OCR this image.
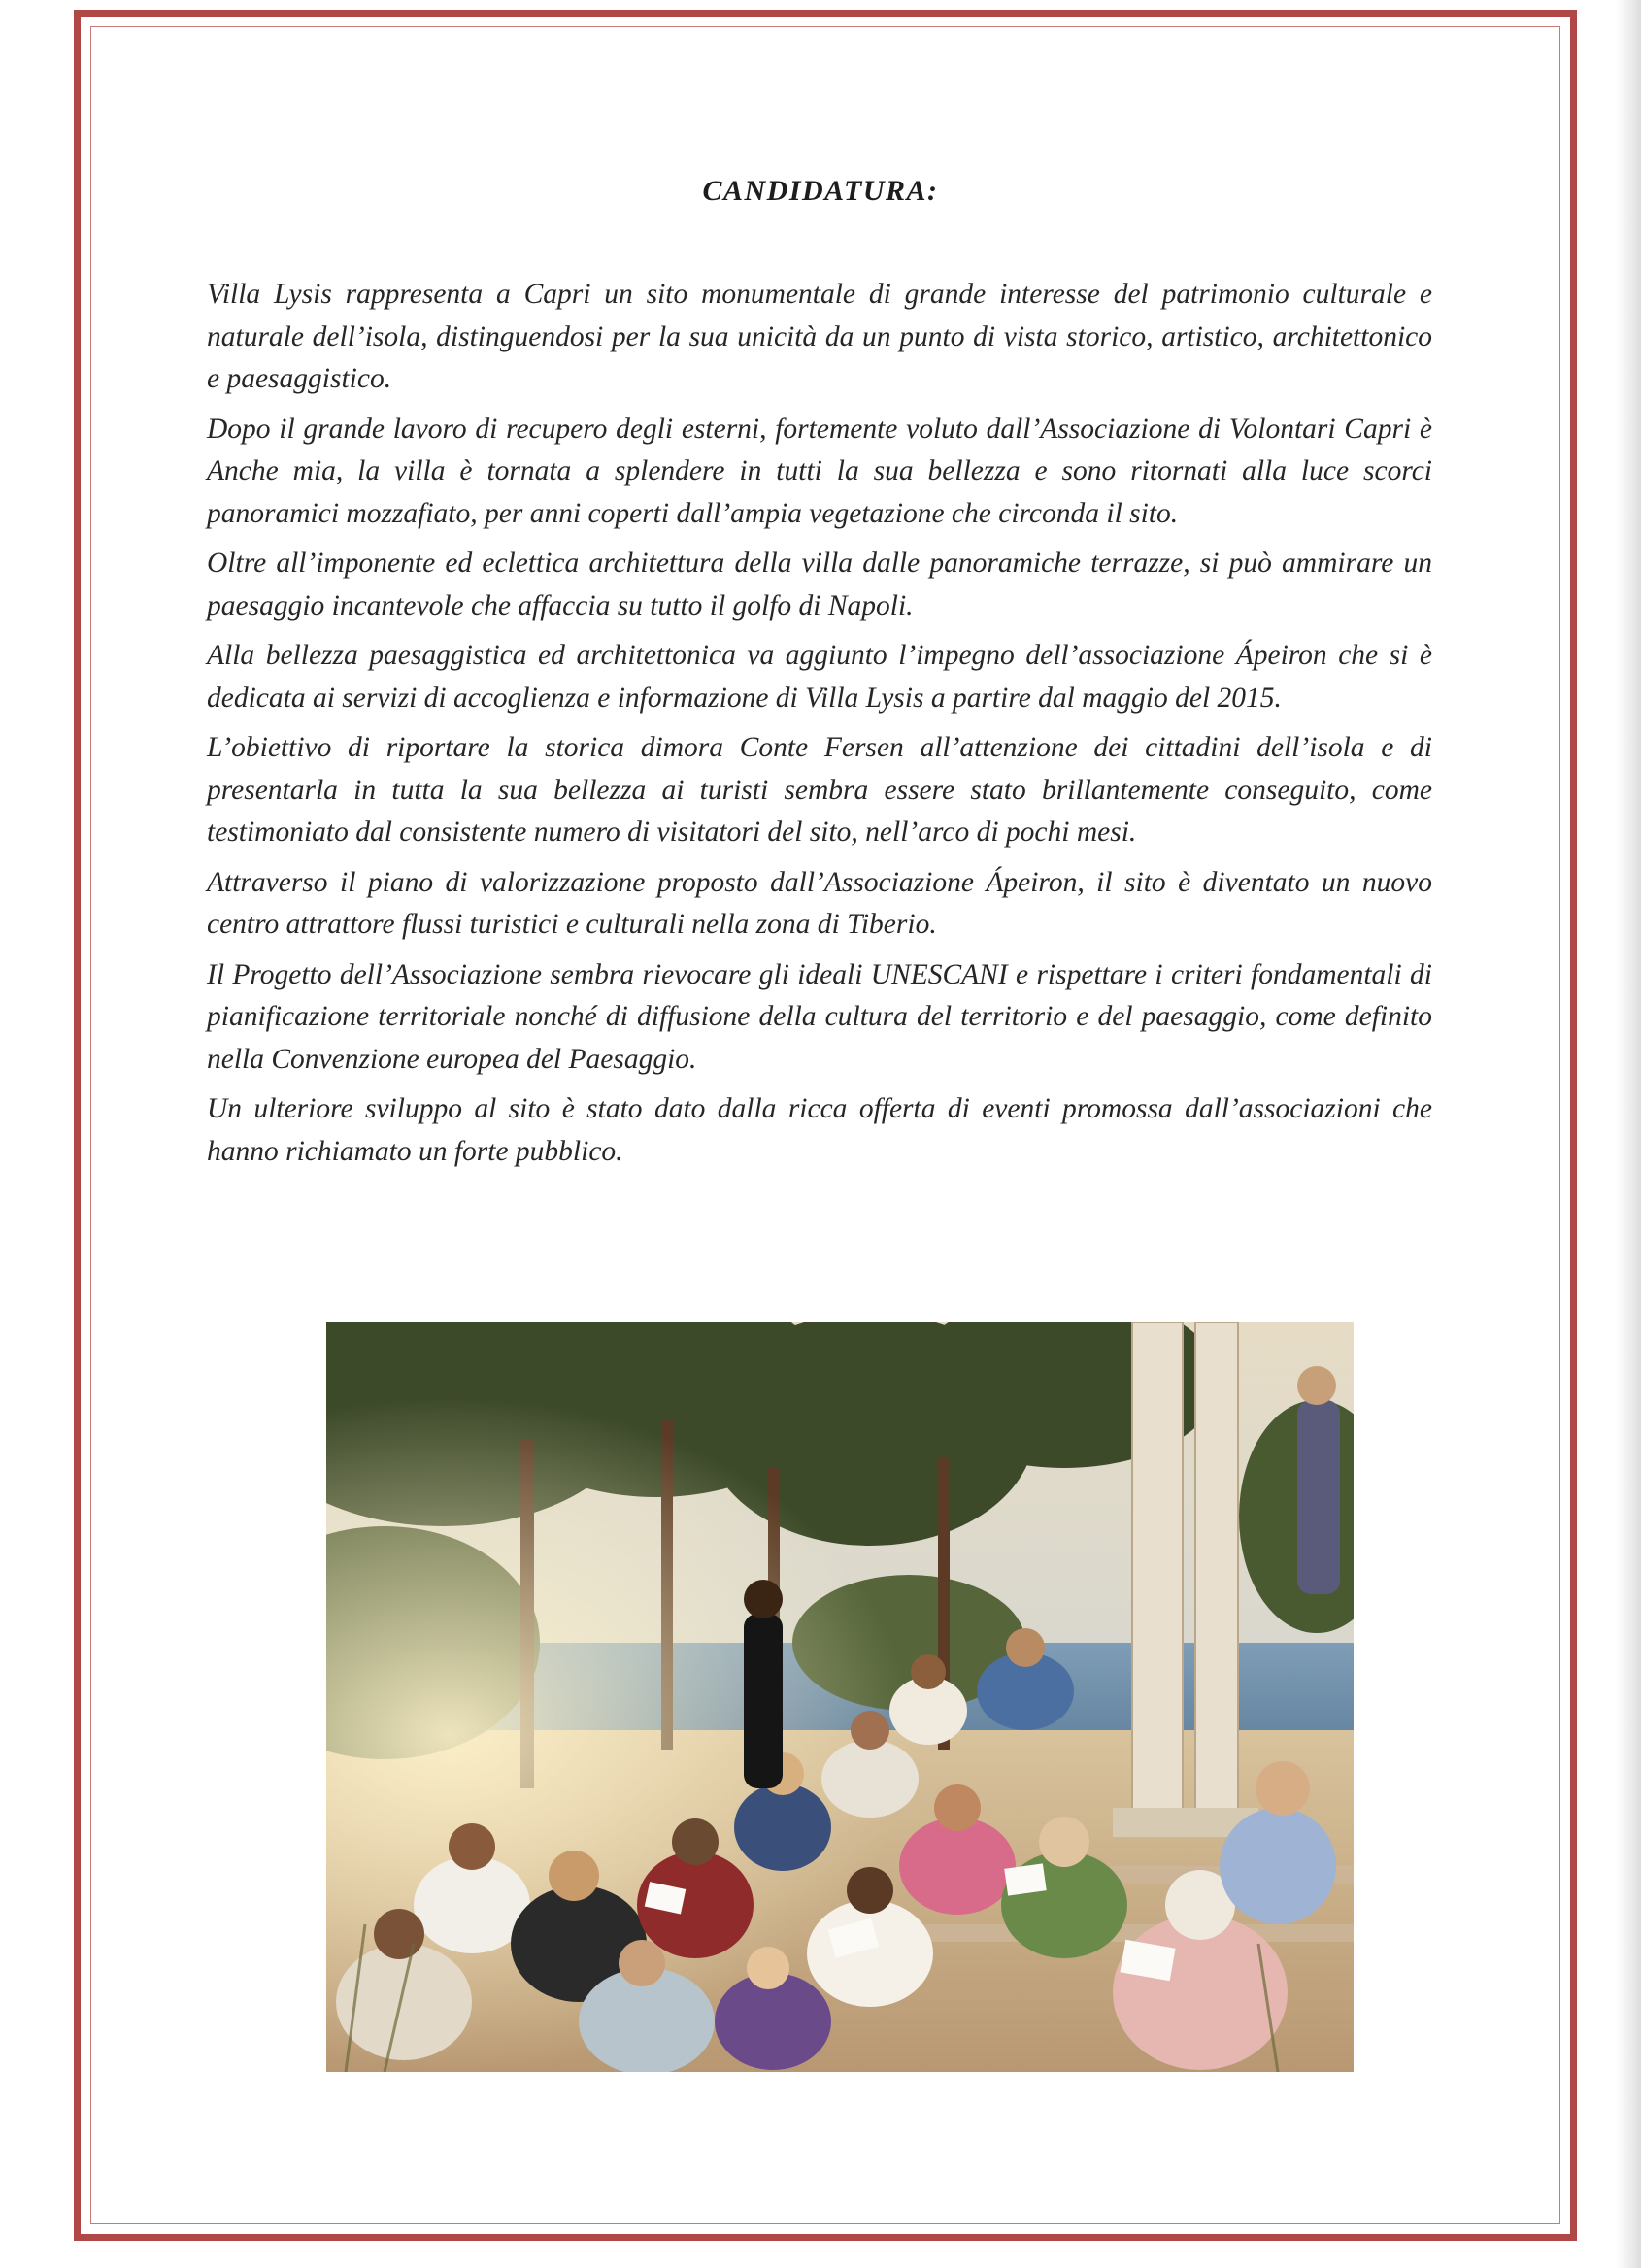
CANDIDATURA:

Villa Lysis rappresenta a Capri un sito monumentale di grande interesse del patrimonio culturale e naturale dell’isola, distinguendosi per la sua unicità da un punto di vista storico, artistico, architettonico e paesaggistico.

Dopo il grande lavoro di recupero degli esterni, fortemente voluto dall’Associazione di Volontari Capri è Anche mia, la villa è tornata a splendere in tutti la sua bellezza e sono ritornati alla luce scorci panoramici mozzafiato, per anni coperti dall’ampia vegetazione che circonda il sito.

Oltre all’imponente ed eclettica architettura della villa dalle panoramiche terrazze, si può ammirare un paesaggio incantevole che affaccia su tutto il golfo di Napoli.

Alla bellezza paesaggistica ed architettonica va aggiunto l’impegno dell’associazione Ápeiron che si è dedicata ai servizi di accoglienza e informazione di Villa Lysis a partire dal maggio del 2015.

L’obiettivo di riportare la storica dimora Conte Fersen all’attenzione dei cittadini dell’isola e di presentarla in tutta la sua bellezza ai turisti sembra essere stato brillantemente conseguito, come testimoniato dal consistente numero di visitatori del sito, nell’arco di pochi mesi.

Attraverso il piano di valorizzazione proposto dall’Associazione Ápeiron, il sito è diventato un nuovo centro attrattore flussi turistici e culturali nella zona di Tiberio.

Il Progetto dell’Associazione sembra rievocare gli ideali UNESCANI e rispettare i criteri fondamentali di pianificazione territoriale nonché di diffusione della cultura del territorio e del paesaggio, come definito nella Convenzione europea del Paesaggio.

Un ulteriore sviluppo al sito è stato dato dalla ricca offerta di eventi promossa dall’associazioni che hanno richiamato un forte pubblico.
